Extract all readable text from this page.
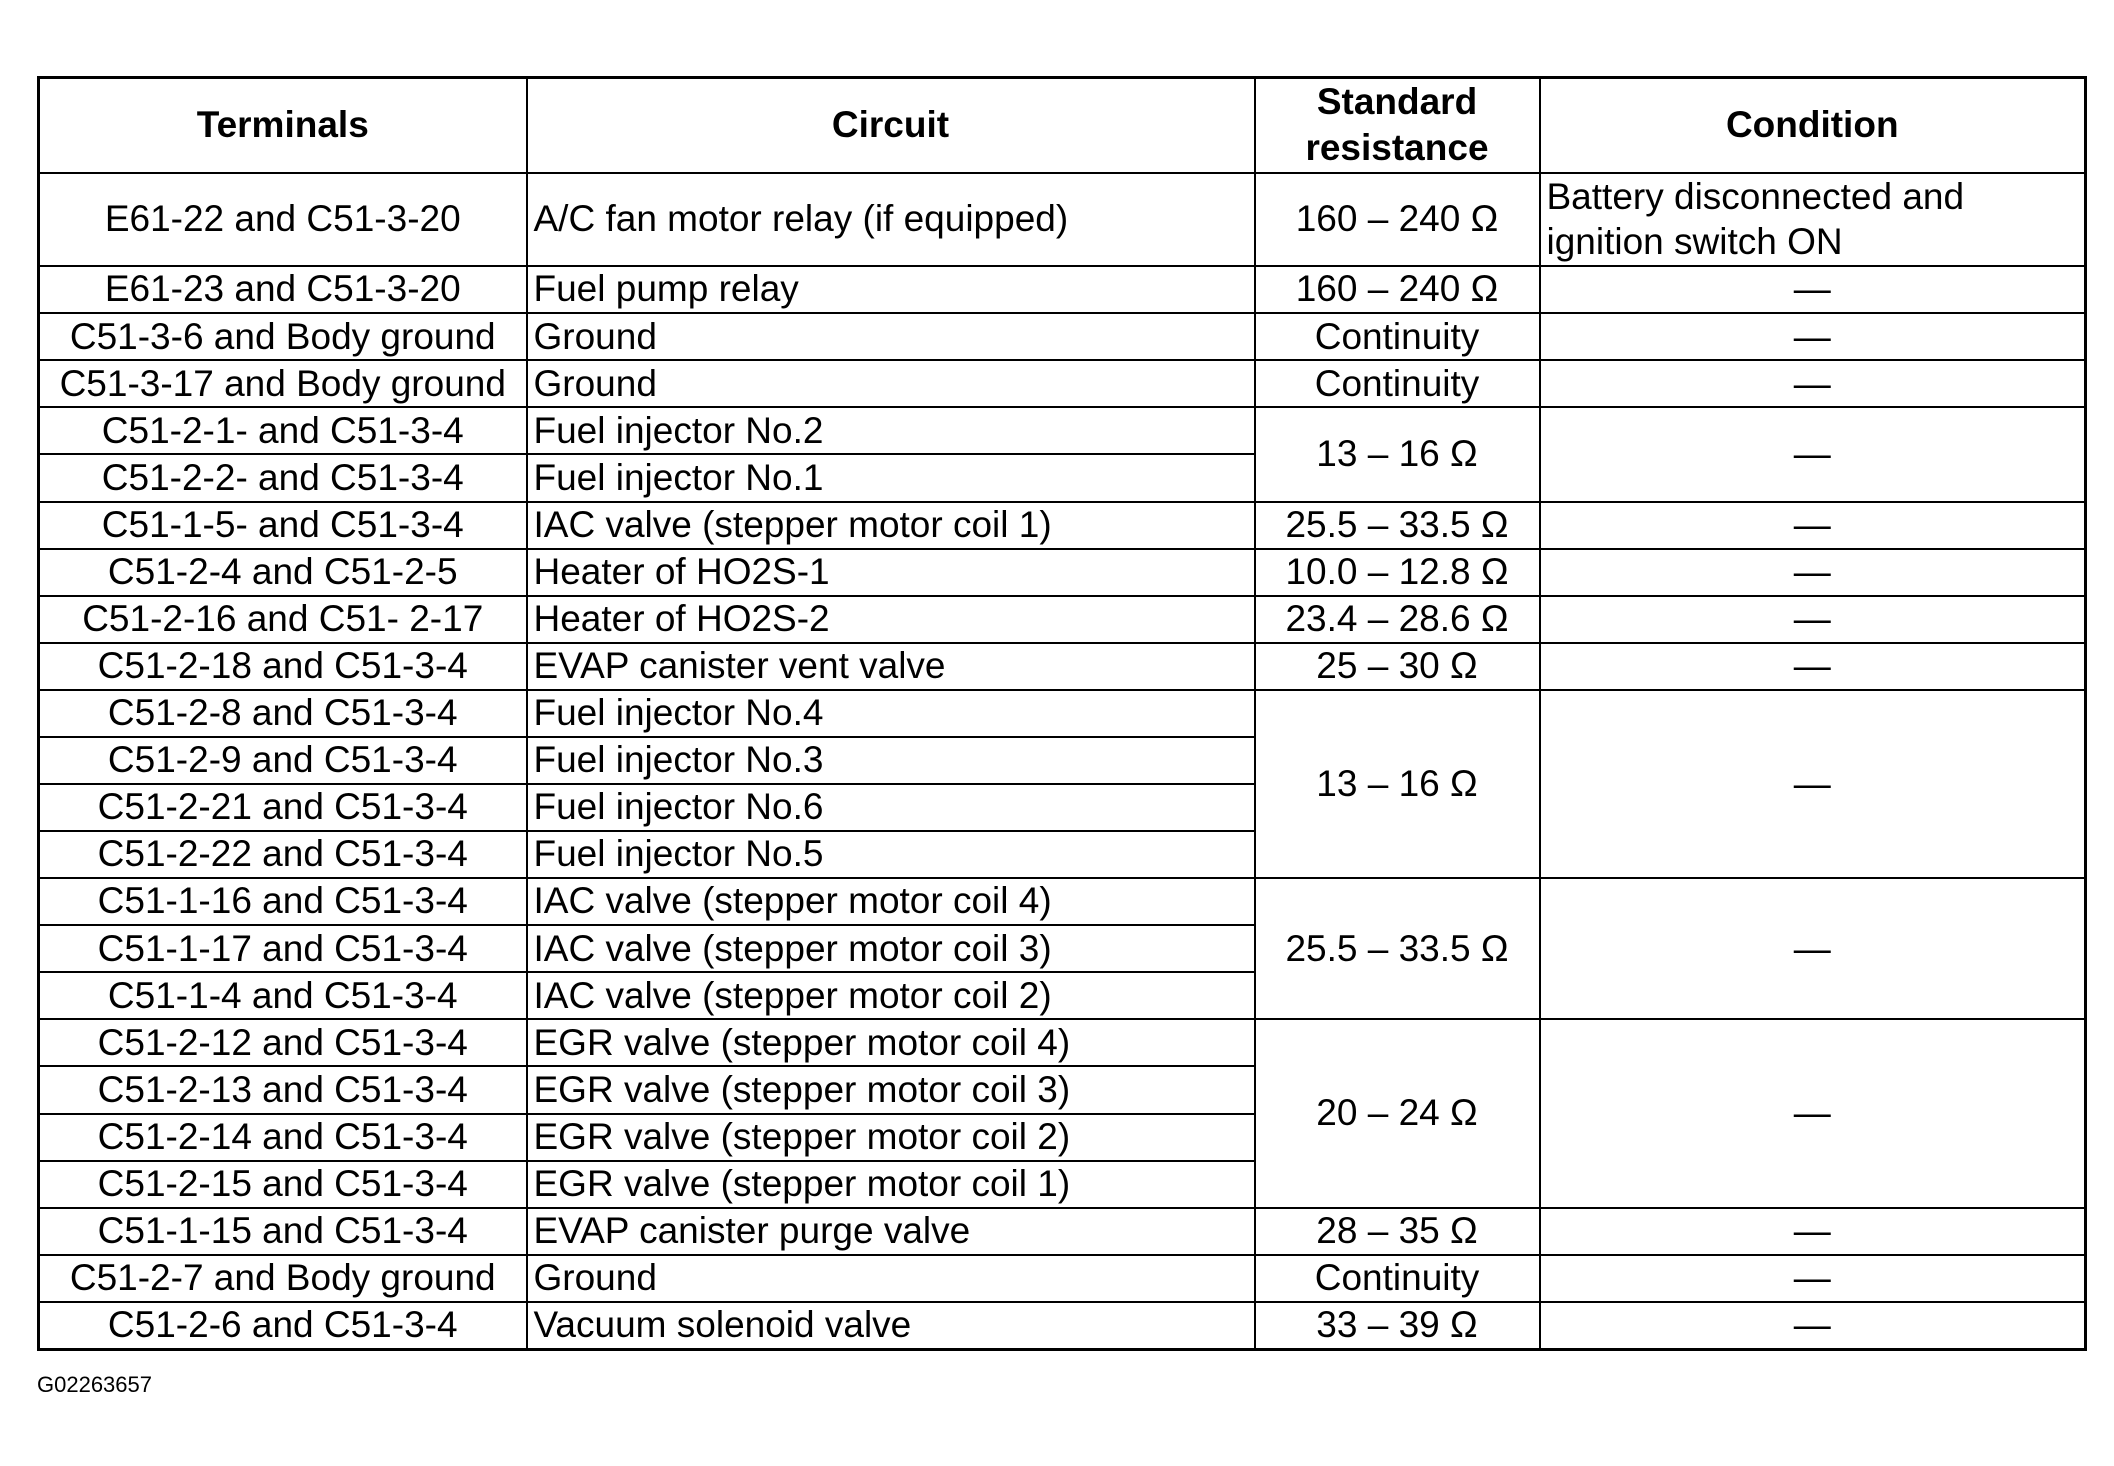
Terminals	Circuit	Standard resistance	Condition
E61-22 and C51-3-20	A/C fan motor relay (if equipped)	160 – 240 Ω	Battery disconnected and ignition switch ON
E61-23 and C51-3-20	Fuel pump relay	160 – 240 Ω	—
C51-3-6 and Body ground	Ground	Continuity	—
C51-3-17 and Body ground	Ground	Continuity	—
C51-2-1- and C51-3-4	Fuel injector No.2	13 – 16 Ω	—
C51-2-2- and C51-3-4	Fuel injector No.1		
C51-1-5- and C51-3-4	IAC valve (stepper motor coil 1)	25.5 – 33.5 Ω	—
C51-2-4 and C51-2-5	Heater of HO2S-1	10.0 – 12.8 Ω	—
C51-2-16 and C51- 2-17	Heater of HO2S-2	23.4 – 28.6 Ω	—
C51-2-18 and C51-3-4	EVAP canister vent valve	25 – 30 Ω	—
C51-2-8 and C51-3-4	Fuel injector No.4	13 – 16 Ω	—
C51-2-9 and C51-3-4	Fuel injector No.3		
C51-2-21 and C51-3-4	Fuel injector No.6		
C51-2-22 and C51-3-4	Fuel injector No.5		
C51-1-16 and C51-3-4	IAC valve (stepper motor coil 4)	25.5 – 33.5 Ω	—
C51-1-17 and C51-3-4	IAC valve (stepper motor coil 3)		
C51-1-4 and C51-3-4	IAC valve (stepper motor coil 2)		
C51-2-12 and C51-3-4	EGR valve (stepper motor coil 4)	20 – 24 Ω	—
C51-2-13 and C51-3-4	EGR valve (stepper motor coil 3)		
C51-2-14 and C51-3-4	EGR valve (stepper motor coil 2)		
C51-2-15 and C51-3-4	EGR valve (stepper motor coil 1)		
C51-1-15 and C51-3-4	EVAP canister purge valve	28 – 35 Ω	—
C51-2-7 and Body ground	Ground	Continuity	—
C51-2-6 and C51-3-4	Vacuum solenoid valve	33 – 39 Ω	—
G02263657
